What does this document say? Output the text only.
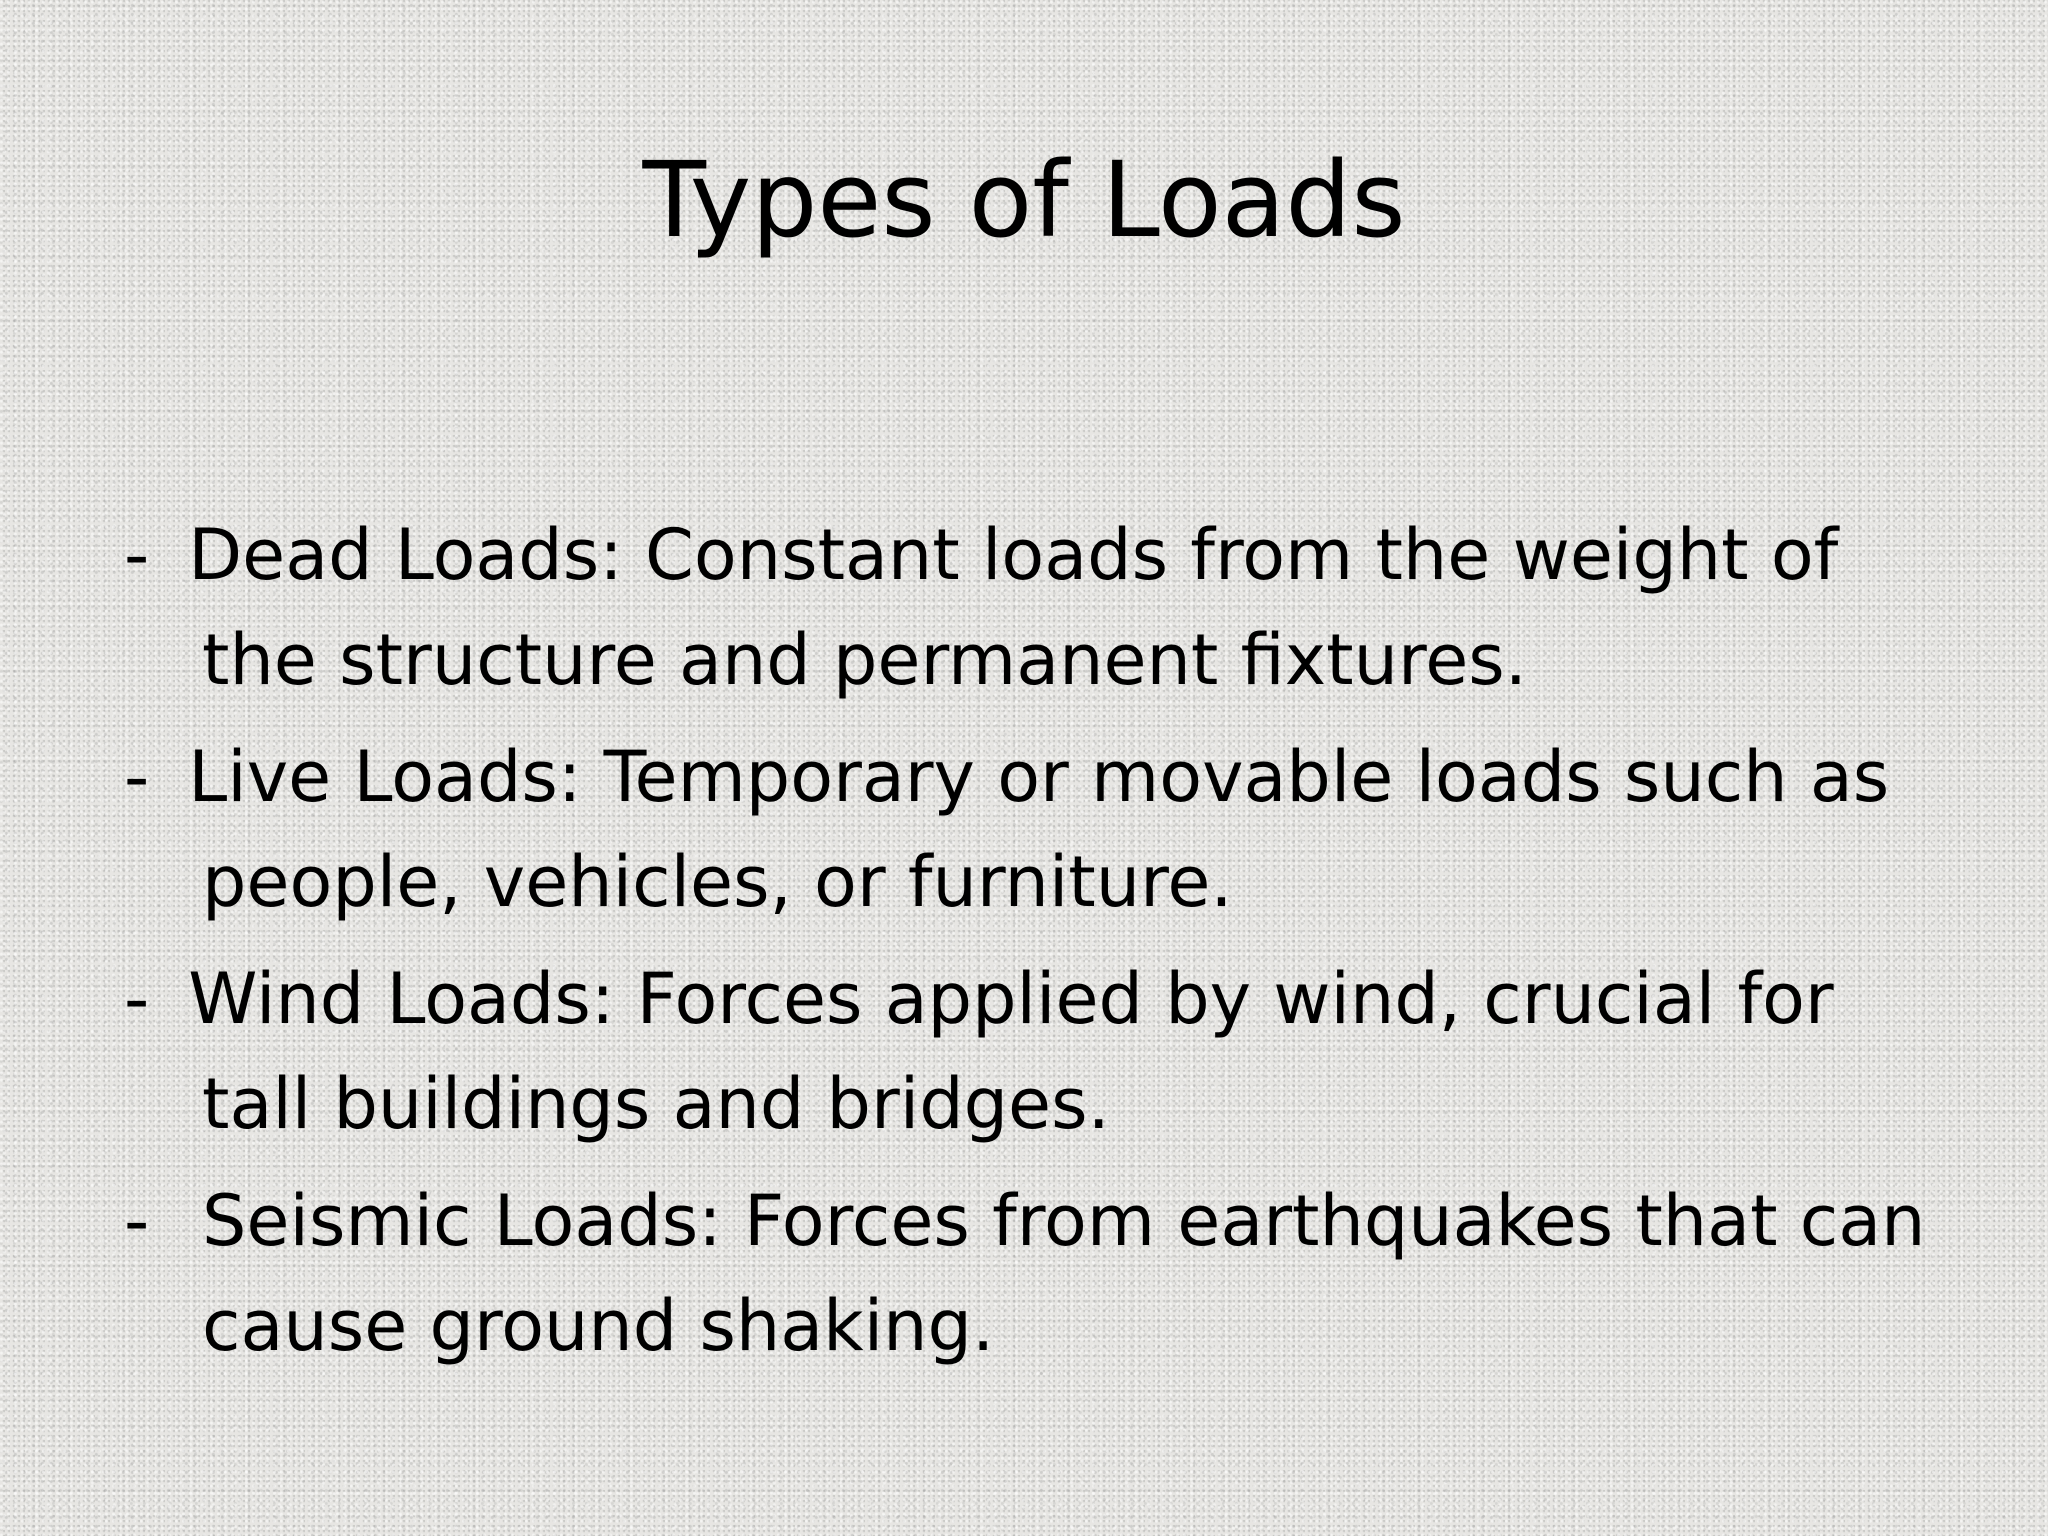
Types of Loads
- Dead Loads: Constant loads from the weight of
the structure and permanent fixtures.
- Live Loads: Temporary or movable loads such as
people, vehicles, or furniture.
- Wind Loads: Forces applied by wind, crucial for
tall buildings and bridges.
- Seismic Loads: Forces from earthquakes that can
cause ground shaking.
